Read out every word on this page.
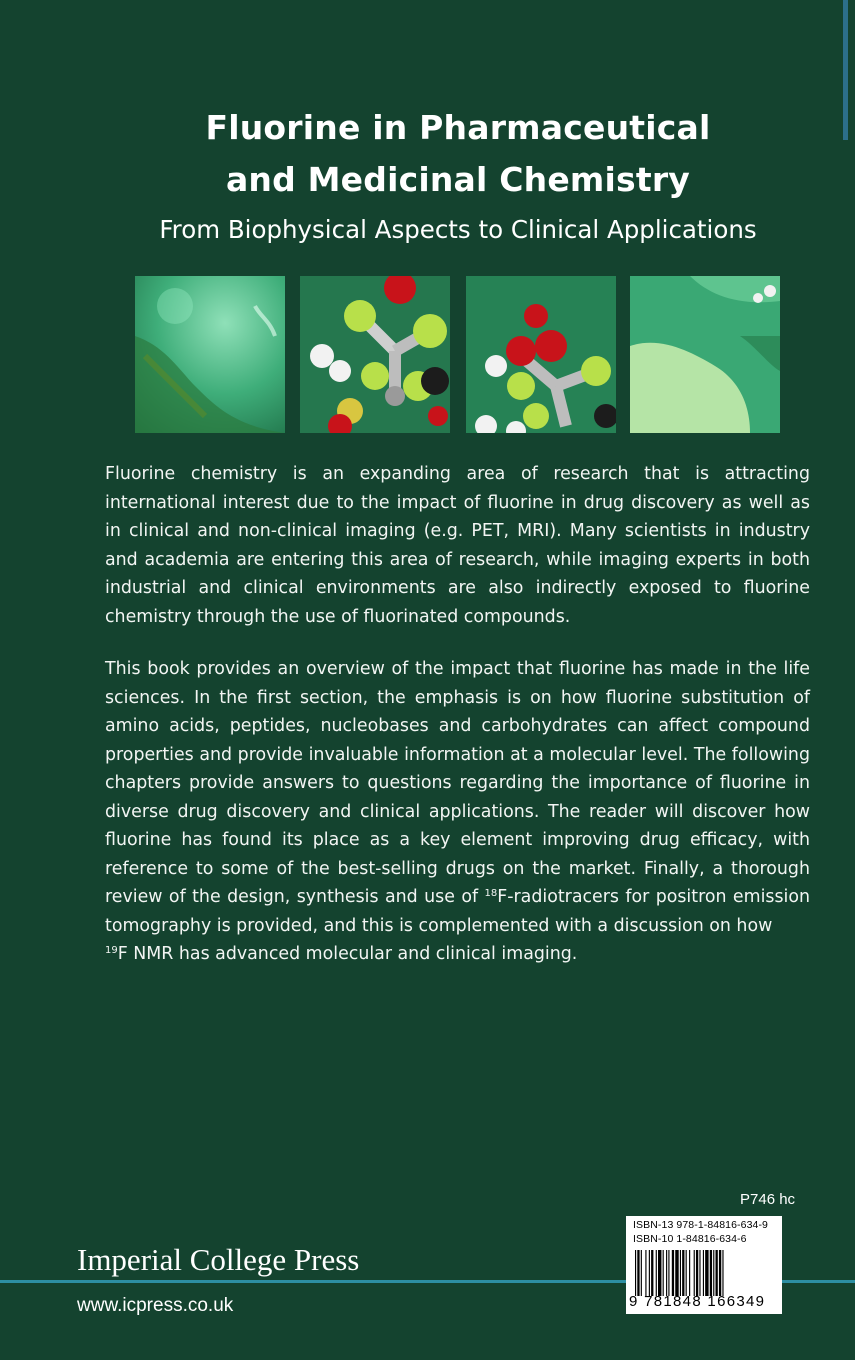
Fluorine in Pharmaceutical
and Medicinal Chemistry
From Biophysical Aspects to Clinical Applications
Fluorine chemistry is an expanding area of research that is attracting international interest due to the impact of fluorine in drug discovery as well as in clinical and non-clinical imaging (e.g. PET, MRI). Many scientists in industry and academia are entering this area of research, while imaging experts in both industrial and clinical environments are also indirectly exposed to fluorine chemistry through the use of fluorinated compounds.
This book provides an overview of the impact that fluorine has made in the life sciences. In the first section, the emphasis is on how fluorine substitution of amino acids, peptides, nucleobases and carbohydrates can affect compound properties and provide invaluable information at a molecular level. The following chapters provide answers to questions regarding the importance of fluorine in diverse drug discovery and clinical applications. The reader will discover how fluorine has found its place as a key element improving drug efficacy, with reference to some of the best-selling drugs on the market. Finally, a thorough review of the design, synthesis and use of $^{18}$F-radiotracers for positron emission tomography is provided, and this is complemented with a discussion on how
$^{19}$F NMR has advanced molecular and clinical imaging.
P746 hc
Imperial College Press
www.icpress.co.uk
ISBN-13 978-1-84816-634-9
ISBN-10 1-84816-634-6
9 781848 166349
